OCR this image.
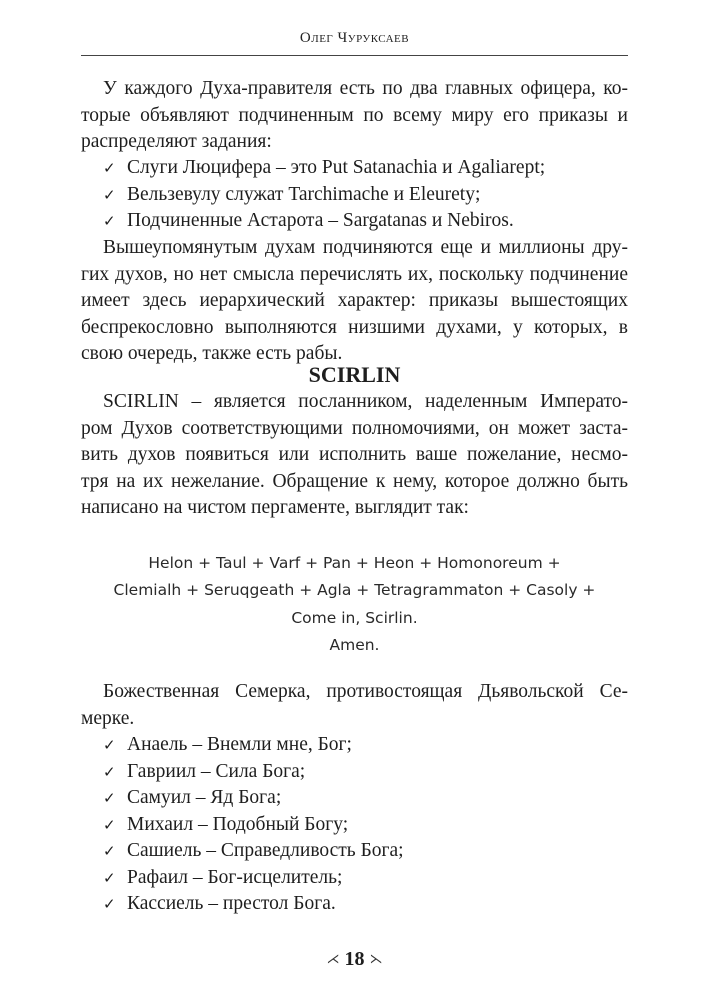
Олег Чуруксаев
У каждого Духа-правителя есть по два главных офицера, ко-
торые объявляют подчиненным по всему миру его приказы и
распределяют задания:
✓ Слуги Люцифера – это Put Satanachia и Agaliarept;
✓ Вельзевулу служат Tarchimache и Eleurety;
✓ Подчиненные Астарота – Sargatanas и Nebiros.
Вышеупомянутым духам подчиняются еще и миллионы дру-
гих духов, но нет смысла перечислять их, поскольку подчинение
имеет здесь иерархический характер: приказы вышестоящих
беспрекословно выполняются низшими духами, у которых, в
свою очередь, также есть рабы.
SCIRLIN
SCIRLIN – является посланником, наделенным Императо-
ром Духов соответствующими полномочиями, он может заста-
вить духов появиться или исполнить ваше пожелание, несмо-
тря на их нежелание. Обращение к нему, которое должно быть
написано на чистом пергаменте, выглядит так:
Helon + Taul + Varf + Pan + Heon + Homonoreum +
Clemialh + Seruqgeath + Agla + Tetragrammaton + Casoly +
Come in, Scirlin.
Amen.
Божественная Семерка, противостоящая Дьявольской Се-
мерке.
✓ Анаель – Внемли мне, Бог;
✓ Гавриил – Сила Бога;
✓ Самуил – Яд Бога;
✓ Михаил – Подобный Богу;
✓ Сашиель – Справедливость Бога;
✓ Рафаил – Бог-исцелитель;
✓ Кассиель – престол Бога.
⋌ 18 ⋋
